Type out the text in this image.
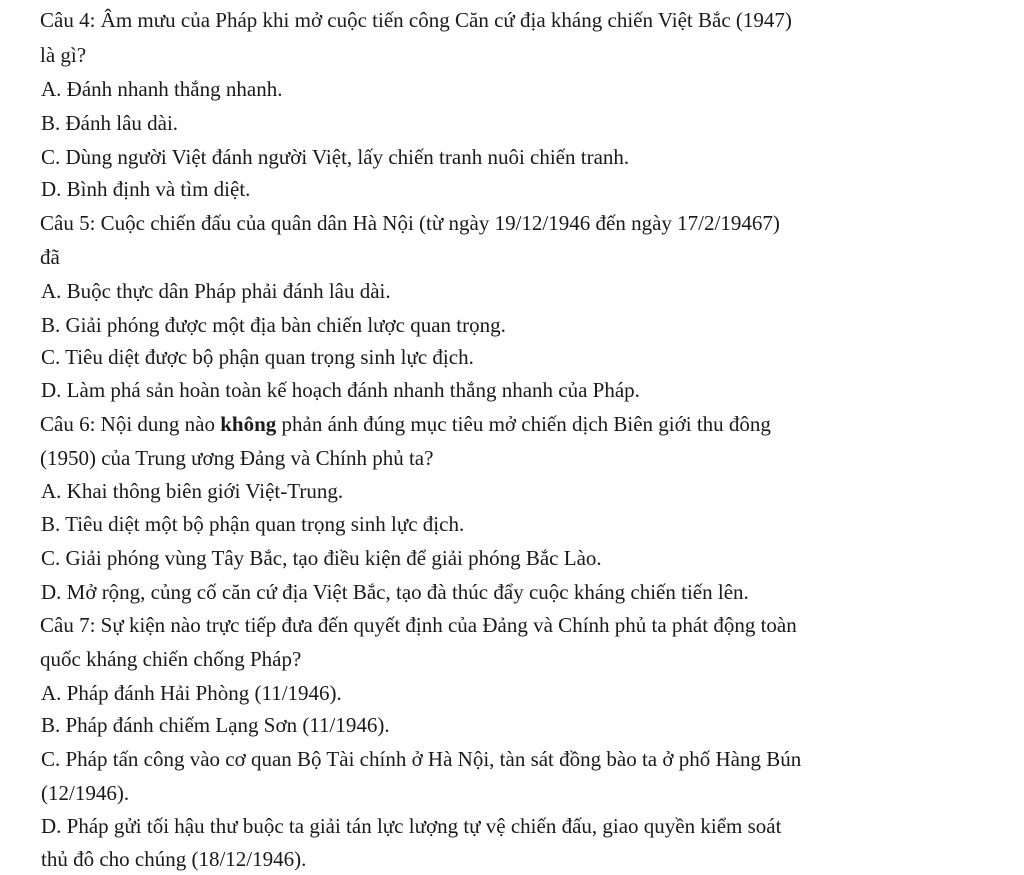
Câu 4: Âm mưu của Pháp khi mở cuộc tiến công Căn cứ địa kháng chiến Việt Bắc (1947)
là gì?
A. Đánh nhanh thắng nhanh.
B. Đánh lâu dài.
C. Dùng người Việt đánh người Việt, lấy chiến tranh nuôi chiến tranh.
D. Bình định và tìm diệt.
Câu 5: Cuộc chiến đấu của quân dân Hà Nội (từ ngày 19/12/1946 đến ngày 17/2/19467)
đã
A. Buộc thực dân Pháp phải đánh lâu dài.
B. Giải phóng được một địa bàn chiến lược quan trọng.
C. Tiêu diệt được bộ phận quan trọng sinh lực địch.
D. Làm phá sản hoàn toàn kế hoạch đánh nhanh thắng nhanh của Pháp.
Câu 6: Nội dung nào không phản ánh đúng mục tiêu mở chiến dịch Biên giới thu đông
(1950) của Trung ương Đảng và Chính phủ ta?
A. Khai thông biên giới Việt-Trung.
B. Tiêu diệt một bộ phận quan trọng sinh lực địch.
C. Giải phóng vùng Tây Bắc, tạo điều kiện để giải phóng Bắc Lào.
D. Mở rộng, củng cố căn cứ địa Việt Bắc, tạo đà thúc đẩy cuộc kháng chiến tiến lên.
Câu 7: Sự kiện nào trực tiếp đưa đến quyết định của Đảng và Chính phủ ta phát động toàn
quốc kháng chiến chống Pháp?
A. Pháp đánh Hải Phòng (11/1946).
B. Pháp đánh chiếm Lạng Sơn (11/1946).
C. Pháp tấn công vào cơ quan Bộ Tài chính ở Hà Nội, tàn sát đồng bào ta ở phố Hàng Bún
(12/1946).
D. Pháp gửi tối hậu thư buộc ta giải tán lực lượng tự vệ chiến đấu, giao quyền kiểm soát
thủ đô cho chúng (18/12/1946).
